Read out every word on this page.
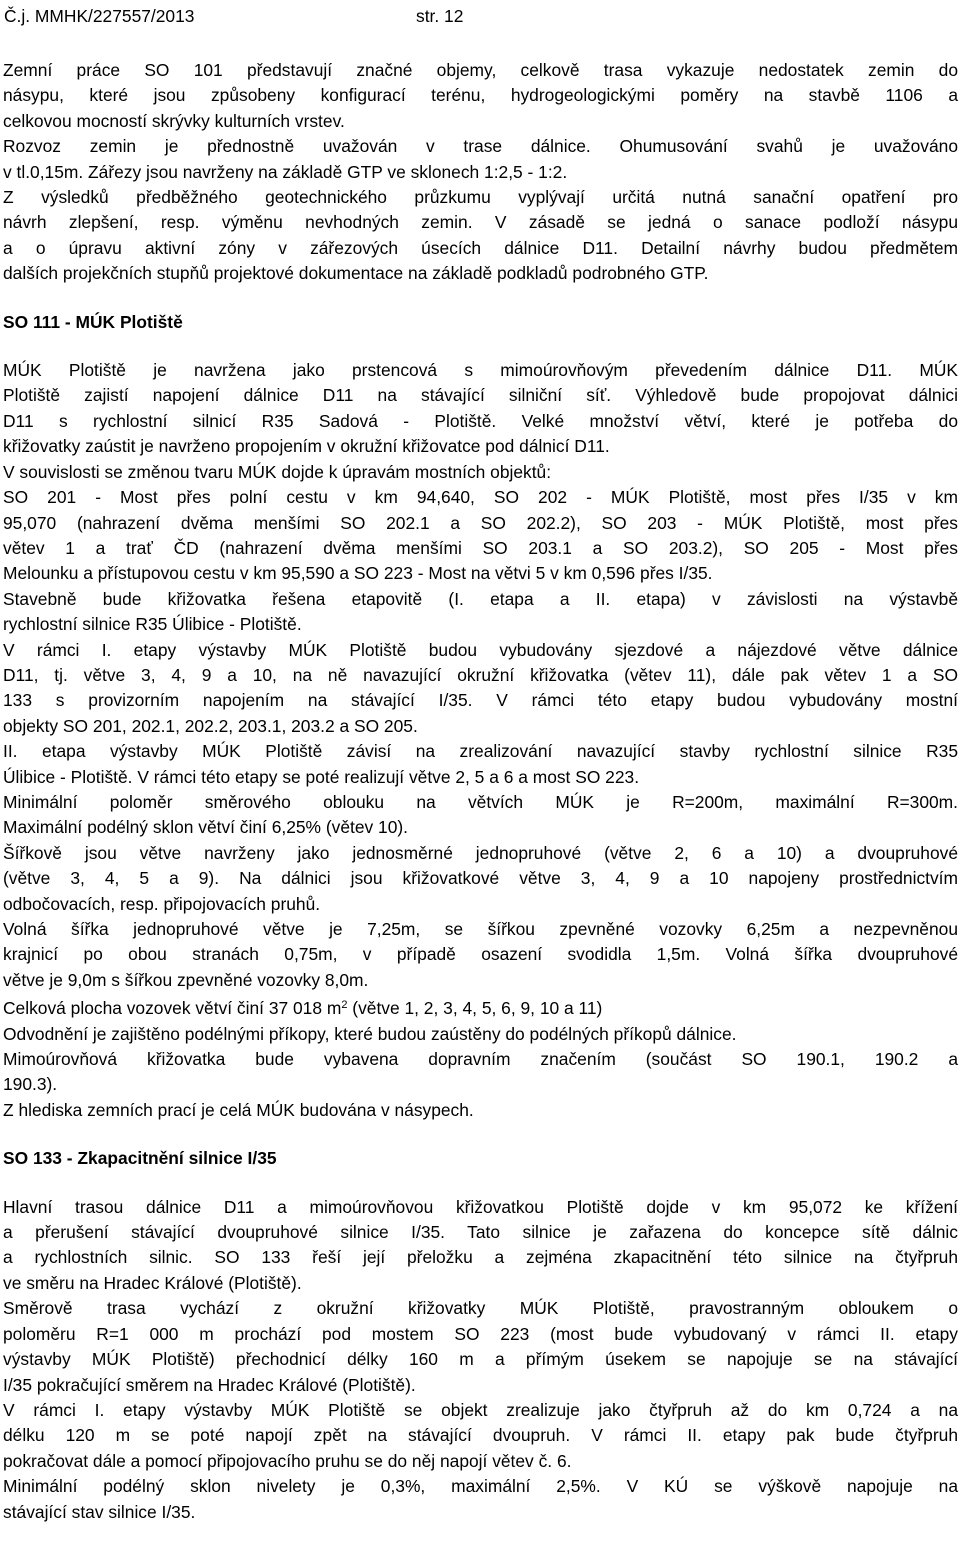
Č.j. MMHK/227557/2013	str. 12
Zemní práce SO 101 představují značné objemy, celkově trasa vykazuje nedostatek zemin do
násypu, které jsou způsobeny konfigurací terénu, hydrogeologickými poměry na stavbě 1106 a
celkovou mocností skrývky kulturních vrstev.
Rozvoz zemin je přednostně uvažován v trase dálnice. Ohumusování svahů je uvažováno
v tl.0,15m. Zářezy jsou navrženy na základě GTP ve sklonech 1:2,5 - 1:2.
Z výsledků předběžného geotechnického průzkumu vyplývají určitá nutná sanační opatření pro
návrh zlepšení, resp. výměnu nevhodných zemin. V zásadě se jedná o sanace podloží násypu
a o úpravu aktivní zóny v zářezových úsecích dálnice D11. Detailní návrhy budou předmětem
dalších projekčních stupňů projektové dokumentace na základě podkladů podrobného GTP.
SO 111 - MÚK Plotiště
MÚK Plotiště je navržena jako prstencová s mimoúrovňovým převedením dálnice D11. MÚK
Plotiště zajistí napojení dálnice D11 na stávající silniční síť. Výhledově bude propojovat dálnici
D11 s rychlostní silnicí R35 Sadová - Plotiště. Velké množství větví, které je potřeba do
křižovatky zaústit je navrženo propojením v okružní křižovatce pod dálnicí D11.
V souvislosti se změnou tvaru MÚK dojde k úpravám mostních objektů:
SO 201 - Most přes polní cestu v km 94,640, SO 202 - MÚK Plotiště, most přes I/35 v km
95,070 (nahrazení dvěma menšími SO 202.1 a SO 202.2), SO 203 - MÚK Plotiště, most přes
větev 1 a trať ČD (nahrazení dvěma menšími SO 203.1 a SO 203.2), SO 205 - Most přes
Melounku a přístupovou cestu v km 95,590 a SO 223 - Most na větvi 5 v km 0,596 přes I/35.
Stavebně bude křižovatka řešena etapovitě (I. etapa a II. etapa) v závislosti na výstavbě
rychlostní silnice R35 Úlibice - Plotiště.
V rámci I. etapy výstavby MÚK Plotiště budou vybudovány sjezdové a nájezdové větve dálnice
D11, tj. větve 3, 4, 9 a 10, na ně navazující okružní křižovatka (větev 11), dále pak větev 1 a SO
133 s provizorním napojením na stávající I/35. V rámci této etapy budou vybudovány mostní
objekty SO 201, 202.1, 202.2, 203.1, 203.2 a SO 205.
II. etapa výstavby MÚK Plotiště závisí na zrealizování navazující stavby rychlostní silnice R35
Úlibice - Plotiště. V rámci této etapy se poté realizují větve 2, 5 a 6 a most SO 223.
Minimální poloměr směrového oblouku na větvích MÚK je R=200m, maximální R=300m.
Maximální podélný sklon větví činí 6,25% (větev 10).
Šířkově jsou větve navrženy jako jednosměrné jednopruhové (větve 2, 6 a 10) a dvoupruhové
(větve 3, 4, 5 a 9). Na dálnici jsou křižovatkové větve 3, 4, 9 a 10 napojeny prostřednictvím
odbočovacích, resp. připojovacích pruhů.
Volná šířka jednopruhové větve je 7,25m, se šířkou zpevněné vozovky 6,25m a nezpevněnou
krajnicí po obou stranách 0,75m, v případě osazení svodidla 1,5m. Volná šířka dvoupruhové
větve je 9,0m s šířkou zpevněné vozovky 8,0m.
Celková plocha vozovek větví činí 37 018 $m^2$ (větve 1, 2, 3, 4, 5, 6, 9, 10 a 11)
Odvodnění je zajištěno podélnými příkopy, které budou zaústěny do podélných příkopů dálnice.
Mimoúrovňová křižovatka bude vybavena dopravním značením (součást SO 190.1, 190.2 a
190.3).
Z hlediska zemních prací je celá MÚK budována v násypech.
SO 133 - Zkapacitnění silnice I/35
Hlavní trasou dálnice D11 a mimoúrovňovou křižovatkou Plotiště dojde v km 95,072 ke křížení
a přerušení stávající dvoupruhové silnice I/35. Tato silnice je zařazena do koncepce sítě dálnic
a rychlostních silnic. SO 133 řeší její přeložku a zejména zkapacitnění této silnice na čtyřpruh
ve směru na Hradec Králové (Plotiště).
Směrově trasa vychází z okružní křižovatky MÚK Plotiště, pravostranným obloukem o
poloměru R=1 000 m prochází pod mostem SO 223 (most bude vybudovaný v rámci II. etapy
výstavby MÚK Plotiště) přechodnicí délky 160 m a přímým úsekem se napojuje se na stávající
I/35 pokračující směrem na Hradec Králové (Plotiště).
V rámci I. etapy výstavby MÚK Plotiště se objekt zrealizuje jako čtyřpruh až do km 0,724 a na
délku 120 m se poté napojí zpět na stávající dvoupruh. V rámci II. etapy pak bude čtyřpruh
pokračovat dále a pomocí připojovacího pruhu se do něj napojí větev č. 6.
Minimální podélný sklon nivelety je 0,3%, maximální 2,5%. V KÚ se výškově napojuje na
stávající stav silnice I/35.
